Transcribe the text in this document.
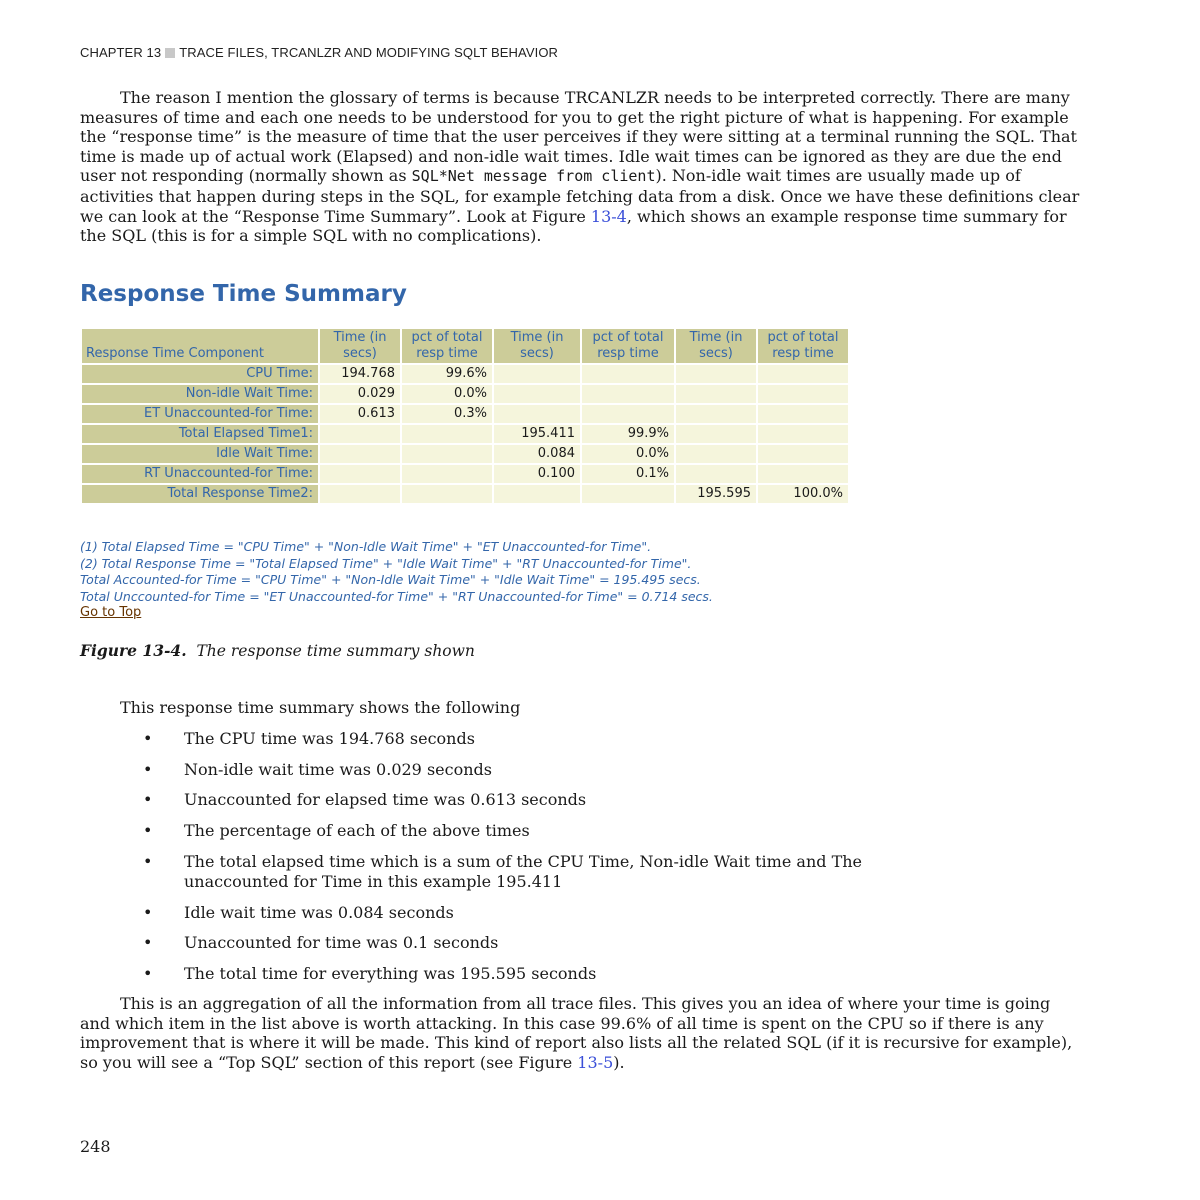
CHAPTER 13 TRACE FILES, TRCANLZR AND MODIFYING SQLT BEHAVIOR
The reason I mention the glossary of terms is because TRCANLZR needs to be interpreted correctly. There are many measures of time and each one needs to be understood for you to get the right picture of what is happening. For example the “response time” is the measure of time that the user perceives if they were sitting at a terminal running the SQL. That time is made up of actual work (Elapsed) and non-idle wait times. Idle wait times can be ignored as they are due the end user not responding (normally shown as SQL*Net message from client). Non-idle wait times are usually made up of activities that happen during steps in the SQL, for example fetching data from a disk. Once we have these definitions clear we can look at the “Response Time Summary”. Look at Figure 13-4, which shows an example response time summary for the SQL (this is for a simple SQL with no complications).
Response Time Summary
Response Time Component	Time (in secs)	pct of total resp time	Time (in secs)	pct of total resp time	Time (in secs)	pct of total resp time
CPU Time:	194.768	99.6%				
Non-idle Wait Time:	0.029	0.0%				
ET Unaccounted-for Time:	0.613	0.3%				
Total Elapsed Time1:			195.411	99.9%		
Idle Wait Time:			0.084	0.0%		
RT Unaccounted-for Time:			0.100	0.1%		
Total Response Time2:					195.595	100.0%
(1) Total Elapsed Time = "CPU Time" + "Non-Idle Wait Time" + "ET Unaccounted-for Time".
(2) Total Response Time = "Total Elapsed Time" + "Idle Wait Time" + "RT Unaccounted-for Time".
Total Accounted-for Time = "CPU Time" + "Non-Idle Wait Time" + "Idle Wait Time" = 195.495 secs.
Total Unccounted-for Time = "ET Unaccounted-for Time" + "RT Unaccounted-for Time" = 0.714 secs.
Go to Top
Figure 13-4. The response time summary shown
This response time summary shows the following
• The CPU time was 194.768 seconds
• Non-idle wait time was 0.029 seconds
• Unaccounted for elapsed time was 0.613 seconds
• The percentage of each of the above times
• The total elapsed time which is a sum of the CPU Time, Non-idle Wait time and The unaccounted for Time in this example 195.411
• Idle wait time was 0.084 seconds
• Unaccounted for time was 0.1 seconds
• The total time for everything was 195.595 seconds
This is an aggregation of all the information from all trace files. This gives you an idea of where your time is going and which item in the list above is worth attacking. In this case 99.6% of all time is spent on the CPU so if there is any improvement that is where it will be made. This kind of report also lists all the related SQL (if it is recursive for example), so you will see a “Top SQL” section of this report (see Figure 13-5).
248
